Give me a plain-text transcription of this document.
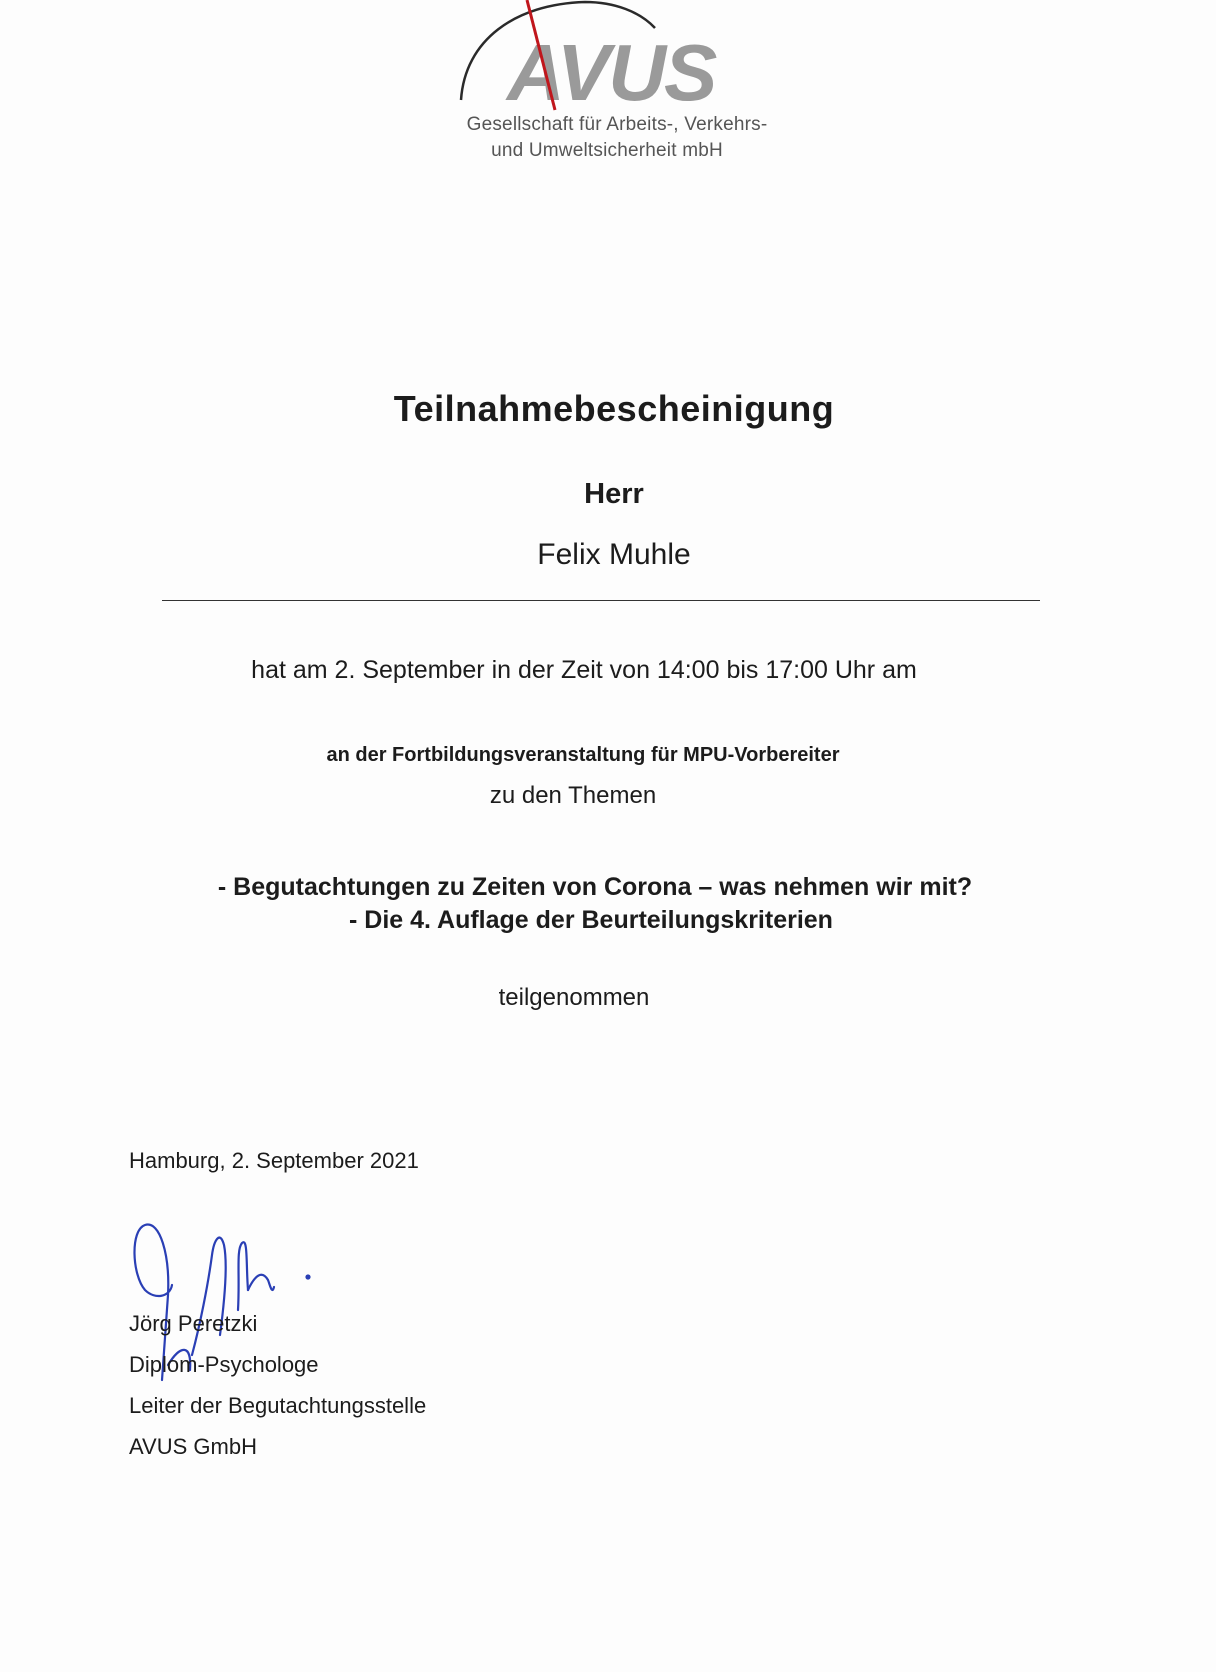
AVUS
Gesellschaft für Arbeits-, Verkehrs-
und Umweltsicherheit mbH
Teilnahmebescheinigung
Herr
Felix Muhle
hat am 2. September in der Zeit von 14:00 bis 17:00 Uhr am
an der Fortbildungsveranstaltung für MPU-Vorbereiter
zu den Themen
- Begutachtungen zu Zeiten von Corona – was nehmen wir mit?
- Die 4. Auflage der Beurteilungskriterien
teilgenommen
Hamburg, 2. September 2021
Jörg Peretzki
Diplom-Psychologe
Leiter der Begutachtungsstelle
AVUS GmbH
